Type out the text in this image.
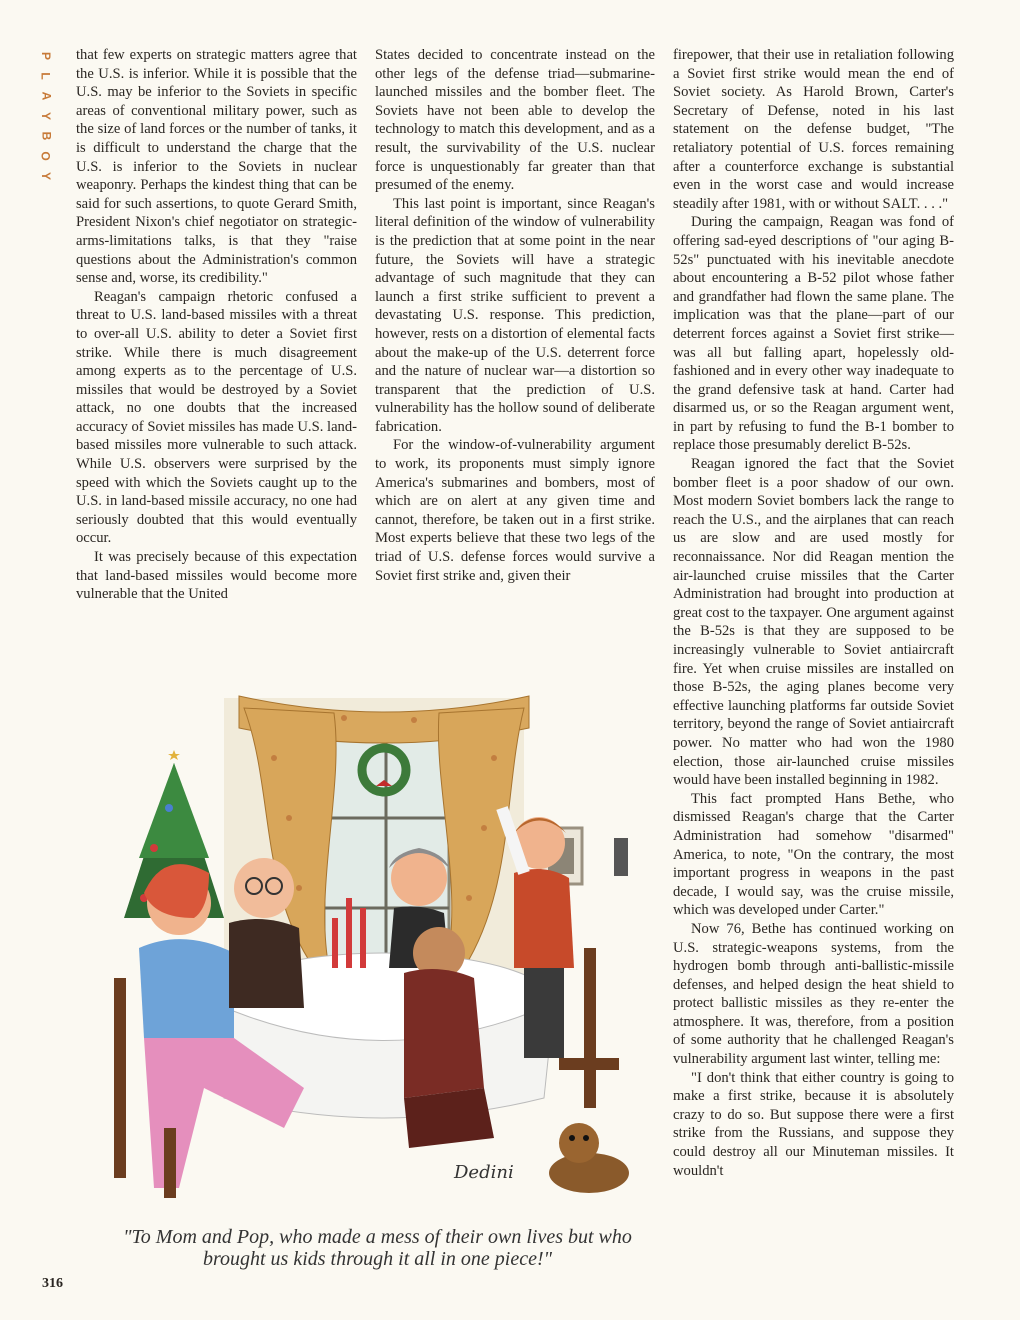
P
L
A
Y
B
O
Y

that few experts on strategic matters agree that the U.S. is inferior. While it is possible that the U.S. may be inferior to the Soviets in specific areas of conventional military power, such as the size of land forces or the number of tanks, it is difficult to understand the charge that the U.S. is inferior to the Soviets in nuclear weaponry. Perhaps the kindest thing that can be said for such assertions, to quote Gerard Smith, President Nixon's chief negotiator on strategic-arms-limitations talks, is that they "raise questions about the Administration's common sense and, worse, its credibility."

Reagan's campaign rhetoric confused a threat to U.S. land-based missiles with a threat to over-all U.S. ability to deter a Soviet first strike. While there is much disagreement among experts as to the percentage of U.S. missiles that would be destroyed by a Soviet attack, no one doubts that the increased accuracy of Soviet missiles has made U.S. land-based missiles more vulnerable to such attack. While U.S. observers were surprised by the speed with which the Soviets caught up to the U.S. in land-based missile accuracy, no one had seriously doubted that this would eventually occur.

It was precisely because of this expectation that land-based missiles would become more vulnerable that the United

States decided to concentrate instead on the other legs of the defense triad—submarine-launched missiles and the bomber fleet. The Soviets have not been able to develop the technology to match this development, and as a result, the survivability of the U.S. nuclear force is unquestionably far greater than that presumed of the enemy.

This last point is important, since Reagan's literal definition of the window of vulnerability is the prediction that at some point in the near future, the Soviets will have a strategic advantage of such magnitude that they can launch a first strike sufficient to prevent a devastating U.S. response. This prediction, however, rests on a distortion of elemental facts about the make-up of the U.S. deterrent force and the nature of nuclear war—a distortion so transparent that the prediction of U.S. vulnerability has the hollow sound of deliberate fabrication.

For the window-of-vulnerability argument to work, its proponents must simply ignore America's submarines and bombers, most of which are on alert at any given time and cannot, therefore, be taken out in a first strike. Most experts believe that these two legs of the triad of U.S. defense forces would survive a Soviet first strike and, given their

firepower, that their use in retaliation following a Soviet first strike would mean the end of Soviet society. As Harold Brown, Carter's Secretary of Defense, noted in his last statement on the defense budget, "The retaliatory potential of U.S. forces remaining after a counterforce exchange is substantial even in the worst case and would increase steadily after 1981, with or without SALT. . . ."

During the campaign, Reagan was fond of offering sad-eyed descriptions of "our aging B-52s" punctuated with his inevitable anecdote about encountering a B-52 pilot whose father and grandfather had flown the same plane. The implication was that the plane—part of our deterrent forces against a Soviet first strike—was all but falling apart, hopelessly old-fashioned and in every other way inadequate to the grand defensive task at hand. Carter had disarmed us, or so the Reagan argument went, in part by refusing to fund the B-1 bomber to replace those presumably derelict B-52s.

Reagan ignored the fact that the Soviet bomber fleet is a poor shadow of our own. Most modern Soviet bombers lack the range to reach the U.S., and the airplanes that can reach us are slow and are used mostly for reconnaissance. Nor did Reagan mention the air-launched cruise missiles that the Carter Administration had brought into production at great cost to the taxpayer. One argument against the B-52s is that they are supposed to be increasingly vulnerable to Soviet antiaircraft fire. Yet when cruise missiles are installed on those B-52s, the aging planes become very effective launching platforms far outside Soviet territory, beyond the range of Soviet antiaircraft power. No matter who had won the 1980 election, those air-launched cruise missiles would have been installed beginning in 1982.

This fact prompted Hans Bethe, who dismissed Reagan's charge that the Carter Administration had somehow "disarmed" America, to note, "On the contrary, the most important progress in weapons in the past decade, I would say, was the cruise missile, which was developed under Carter."

Now 76, Bethe has continued working on U.S. strategic-weapons systems, from the hydrogen bomb through anti-ballistic-missile defenses, and helped design the heat shield to protect ballistic missiles as they re-enter the atmosphere. It was, therefore, from a position of some authority that he challenged Reagan's vulnerability argument last winter, telling me:

"I don't think that either country is going to make a first strike, because it is absolutely crazy to do so. But suppose there were a first strike from the Russians, and suppose they could destroy all our Minuteman missiles. It wouldn't

Dedini
"To Mom and Pop, who made a mess of their own lives but who brought us kids through it all in one piece!"
316
